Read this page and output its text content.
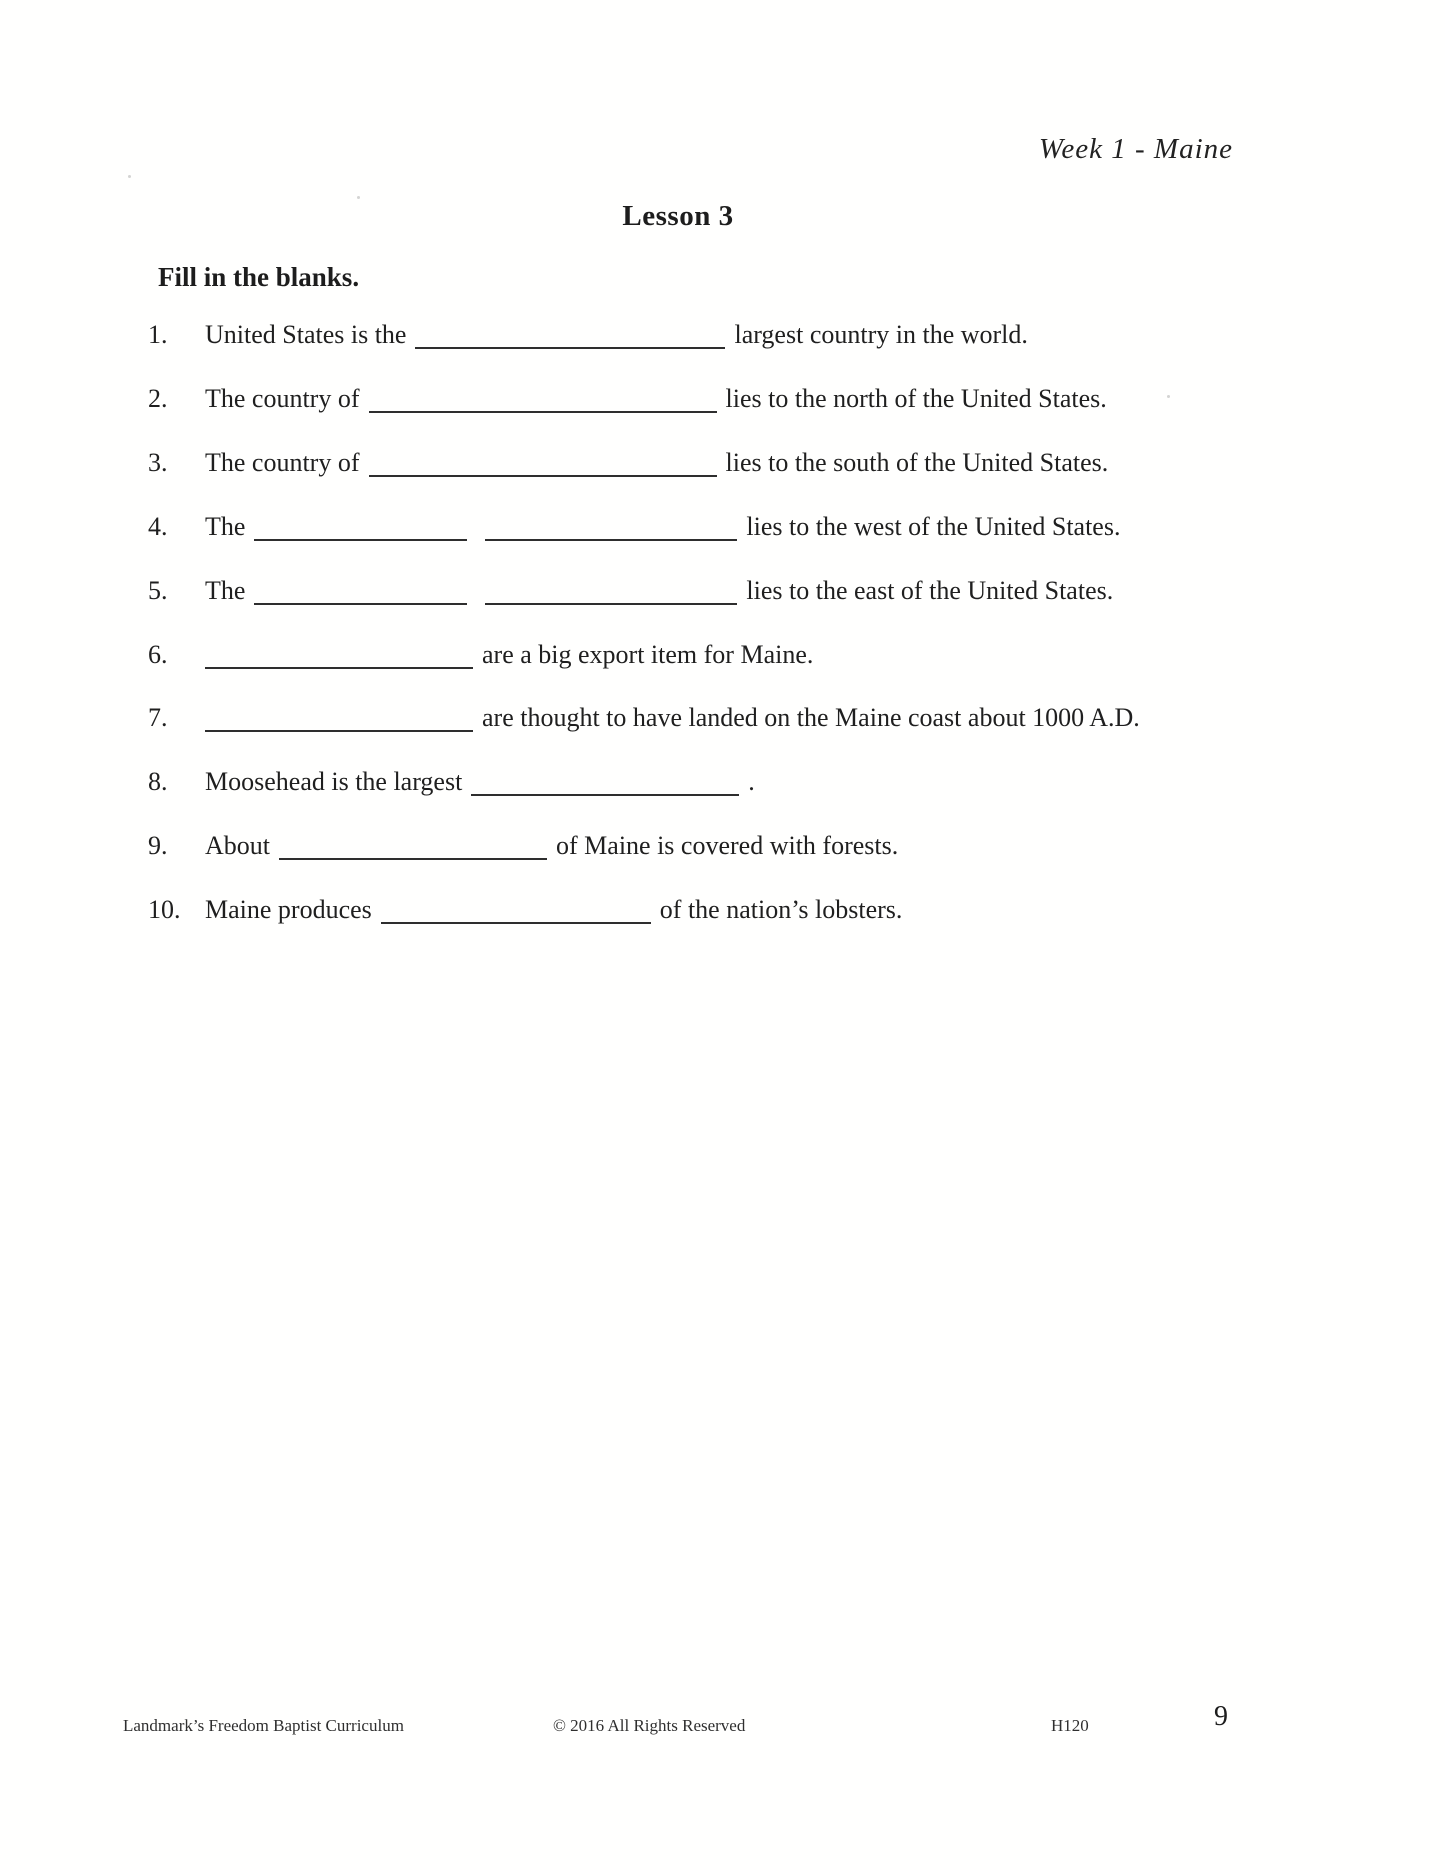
Week 1 - Maine
Lesson 3
Fill in the blanks.
1. United States is the	largest country in the world.
2. The country of	lies to the north of the United States.
3. The country of	lies to the south of the United States.
4. The	lies to the west of the United States.
5. The	lies to the east of the United States.
6.	are a big export item for Maine.
7.	are thought to have landed on the Maine coast about 1000 A.D.
8. Moosehead is the largest	.
9. About	of Maine is covered with forests.
10. Maine produces	of the nation’s lobsters.
Landmark’s Freedom Baptist Curriculum	© 2016 All Rights Reserved	H120	9
